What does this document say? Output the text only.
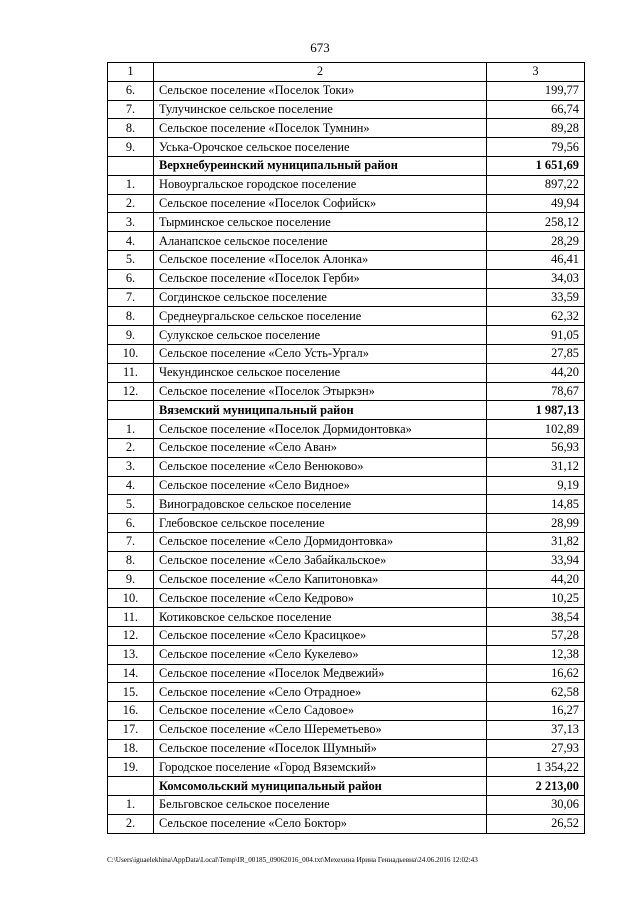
673
1	2	3
6.	Сельское поселение «Поселок Токи»	199,77
7.	Тулучинское сельское поселение	66,74
8.	Сельское поселение «Поселок Тумнин»	89,28
9.	Уська-Орочское сельское поселение	79,56
	Верхнебуреинский муниципальный район	1 651,69
1.	Новоургальское городское поселение	897,22
2.	Сельское поселение «Поселок Софийск»	49,94
3.	Тырминское сельское поселение	258,12
4.	Аланапское сельское поселение	28,29
5.	Сельское поселение «Поселок Алонка»	46,41
6.	Сельское поселение «Поселок Герби»	34,03
7.	Согдинское сельское поселение	33,59
8.	Среднеургальское сельское поселение	62,32
9.	Сулукское сельское поселение	91,05
10.	Сельское поселение «Село Усть-Ургал»	27,85
11.	Чекундинское сельское поселение	44,20
12.	Сельское поселение «Поселок Этыркэн»	78,67
	Вяземский муниципальный район	1 987,13
1.	Сельское поселение «Поселок Дормидонтовка»	102,89
2.	Сельское поселение «Село Аван»	56,93
3.	Сельское поселение «Село Венюково»	31,12
4.	Сельское поселение «Село Видное»	9,19
5.	Виноградовское сельское поселение	14,85
6.	Глебовское сельское поселение	28,99
7.	Сельское поселение «Село Дормидонтовка»	31,82
8.	Сельское поселение «Село Забайкальское»	33,94
9.	Сельское поселение «Село Капитоновка»	44,20
10.	Сельское поселение «Село Кедрово»	10,25
11.	Котиковское сельское поселение	38,54
12.	Сельское поселение «Село Красицкое»	57,28
13.	Сельское поселение «Село Кукелево»	12,38
14.	Сельское поселение «Поселок Медвежий»	16,62
15.	Сельское поселение «Село Отрадное»	62,58
16.	Сельское поселение «Село Садовое»	16,27
17.	Сельское поселение «Село Шереметьево»	37,13
18.	Сельское поселение «Поселок Шумный»	27,93
19.	Городское поселение «Город Вяземский»	1 354,22
	Комсомольский муниципальный район	2 213,00
1.	Бельговское сельское поселение	30,06
2.	Сельское поселение «Село Боктор»	26,52
C:\Users\iguaelekhina\AppData\Local\Temp\IR_00185_09062016_004.txt\Мехехина Ирина Геннадьевна\24.06.2016 12:02:43
